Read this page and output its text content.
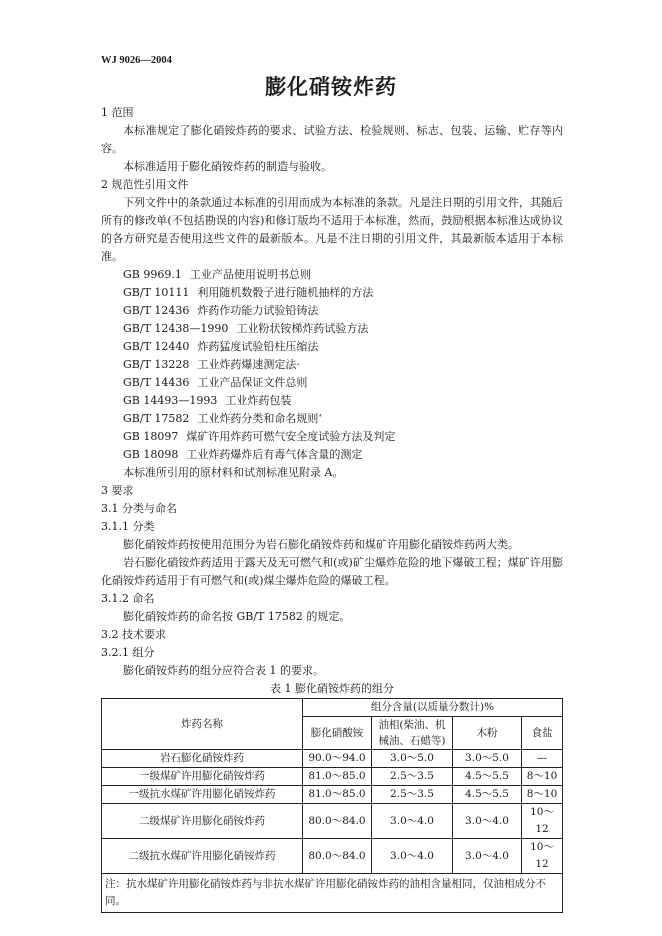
WJ 9026—2004
膨化硝铵炸药

1 范围

本标准规定了膨化硝铵炸药的要求、试验方法、检验规则、标志、包装、运输、贮存等内容。

本标准适用于膨化硝铵炸药的制造与验收。

2 规范性引用文件

下列文件中的条款通过本标准的引用而成为本标准的条款。凡是注日期的引用文件，其随后所有的修改单(不包括勘误的内容)和修订版均不适用于本标准，然而，鼓励根据本标准达成协议的各方研究是否使用这些文件的最新版本。凡是不注日期的引用文件，其最新版本适用于本标准。

GB 9969.1 工业产品使用说明书总则
GB/T 10111 利用随机数骰子进行随机抽样的方法
GB/T 12436 炸药作功能力试验铅铸法
GB/T 12438—1990 工业粉状铵梯炸药试验方法
GB/T 12440 炸药猛度试验铅柱压缩法
GB/T 13228 工业炸药爆速测定法·
GB/T 14436 工业产品保证文件总则
GB 14493—1993 工业炸药包装
GB/T 17582 工业炸药分类和命名规则‘
GB 18097 煤矿许用炸药可燃气安全度试验方法及判定
GB 18098 工业炸药爆炸后有毒气体含量的测定

本标准所引用的原材料和试剂标准见附录 A。

3 要求

3.1 分类与命名

3.1.1 分类

膨化硝铵炸药按使用范围分为岩石膨化硝铵炸药和煤矿许用膨化硝铵炸药两大类。

岩石膨化硝铵炸药适用于露天及无可燃气和(或)矿尘爆炸危险的地下爆破工程；煤矿许用膨化硝铵炸药适用于有可燃气和(或)煤尘爆炸危险的爆破工程。

3.1.2 命名

膨化硝铵炸药的命名按 GB/T 17582 的规定。

3.2 技术要求

3.2.1 组分

膨化硝铵炸药的组分应符合表 1 的要求。

表 1 膨化硝铵炸药的组分

炸药名称	组分含量(以质量分数计)%			
	膨化硝酸铵	油相(柴油、机
械油、石蜡等)	木粉	食盐
岩石膨化硝铵炸药	90.0～94.0	3.0～5.0	3.0～5.0	—
一级煤矿许用膨化硝铵炸药	81.0～85.0	2.5～3.5	4.5～5.5	8～10
一级抗水煤矿许用膨化硝铵炸药	81.0～85.0	2.5～3.5	4.5～5.5	8～10
二级煤矿许用膨化硝铵炸药	80.0～84.0	3.0～4.0	3.0～4.0	10～12
二级抗水煤矿许用膨化硝铵炸药	80.0～84.0	3.0～4.0	3.0～4.0	10～12
注：抗水煤矿许用膨化硝铵炸药与非抗水煤矿许用膨化硝铵炸药的油相含量相同，仅油相成分不同。				
